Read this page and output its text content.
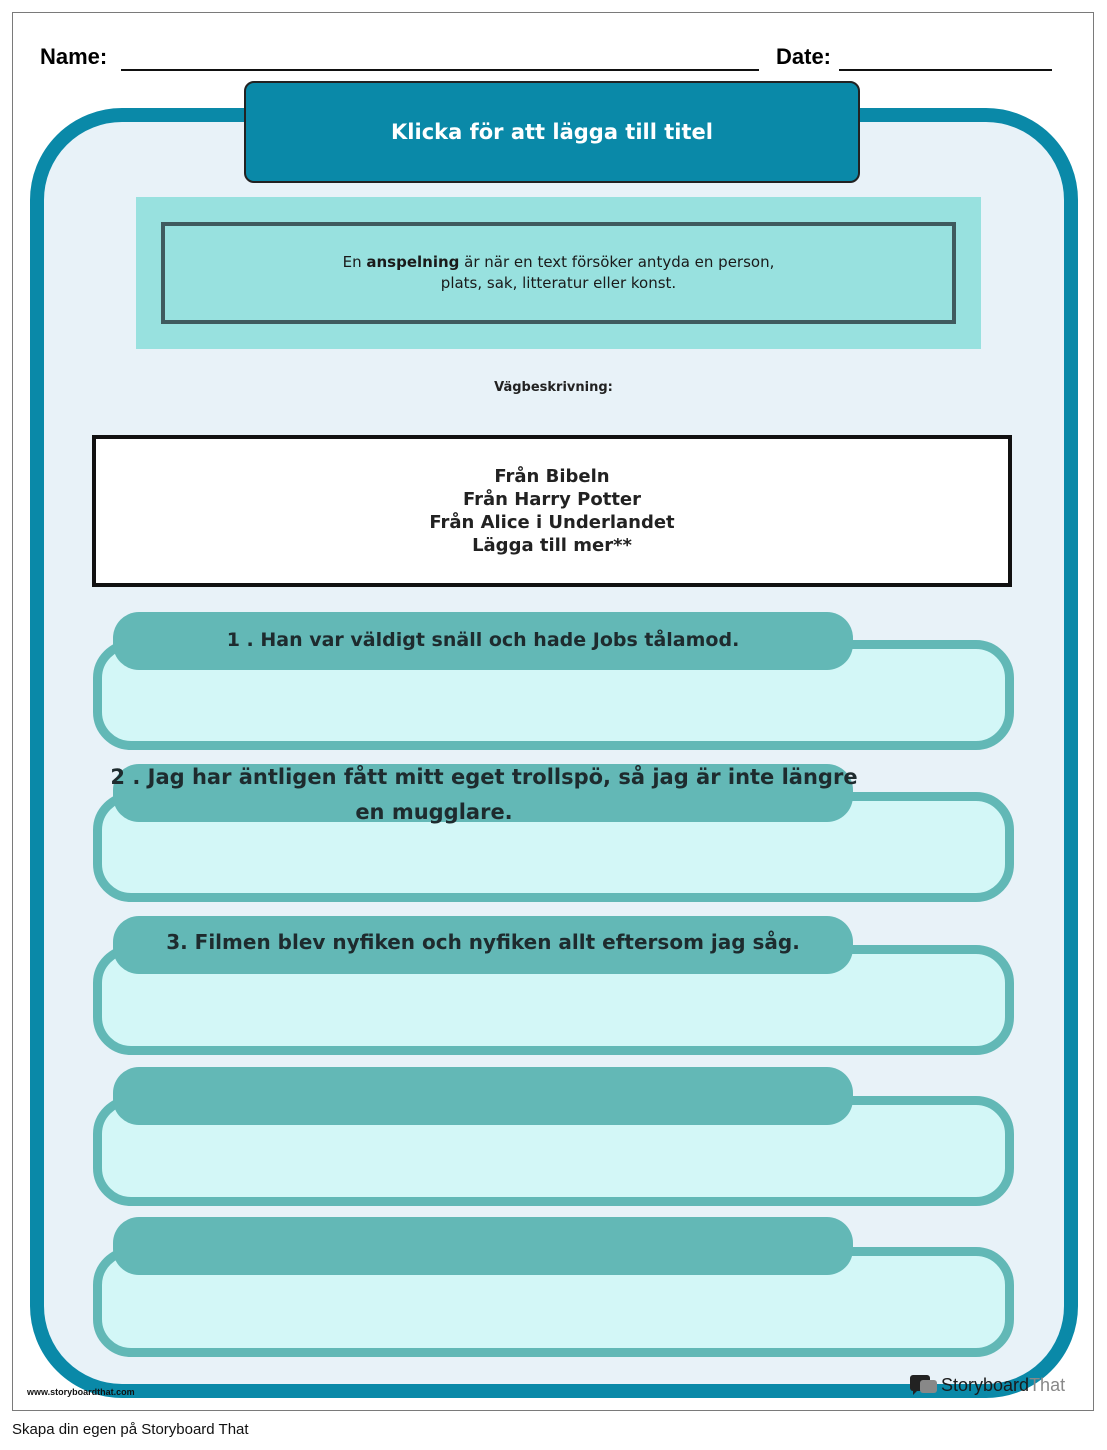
Name:	Date:
Klicka för att lägga till titel
En anspelning är när en text försöker antyda en person,
plats, sak, litteratur eller konst.
Vägbeskrivning:
Från Bibeln
Från Harry Potter
Från Alice i Underlandet
Lägga till mer**
1 . Han var väldigt snäll och hade Jobs tålamod.
2 . Jag har äntligen fått mitt eget trollspö, så jag är inte längre
en mugglare.
3. Filmen blev nyfiken och nyfiken allt eftersom jag såg.
www.storyboardthat.com	StoryboardThat
Skapa din egen på Storyboard That
